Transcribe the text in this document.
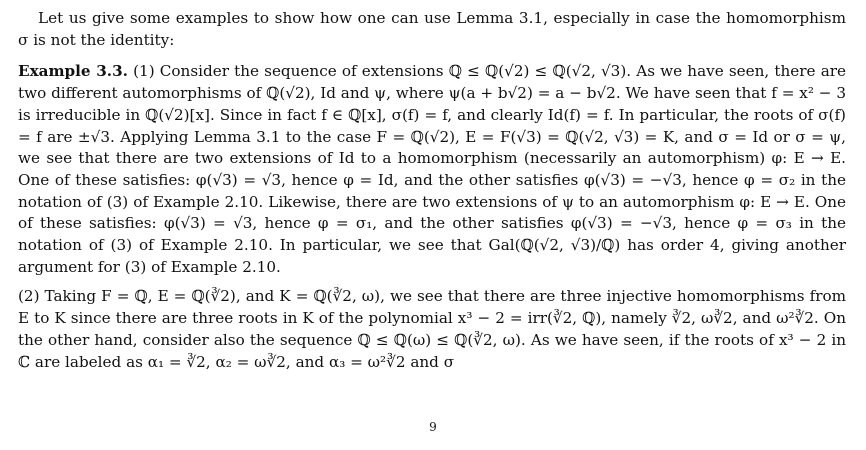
Let us give some examples to show how one can use Lemma 3.1, especially in case the homomorphism σ is not the identity:

Example 3.3. (1) Consider the sequence of extensions ℚ ≤ ℚ(√2) ≤ ℚ(√2, √3). As we have seen, there are two different automorphisms of ℚ(√2), Id and ψ, where ψ(a + b√2) = a − b√2. We have seen that f = x² − 3 is irreducible in ℚ(√2)[x]. Since in fact f ∈ ℚ[x], σ(f) = f, and clearly Id(f) = f. In particular, the roots of σ(f) = f are ±√3. Applying Lemma 3.1 to the case F = ℚ(√2), E = F(√3) = ℚ(√2, √3) = K, and σ = Id or σ = ψ, we see that there are two extensions of Id to a homomorphism (necessarily an automorphism) φ: E → E. One of these satisfies: φ(√3) = √3, hence φ = Id, and the other satisfies φ(√3) = −√3, hence φ = σ₂ in the notation of (3) of Example 2.10. Likewise, there are two extensions of ψ to an automorphism φ: E → E. One of these satisfies: φ(√3) = √3, hence φ = σ₁, and the other satisfies φ(√3) = −√3, hence φ = σ₃ in the notation of (3) of Example 2.10. In particular, we see that Gal(ℚ(√2, √3)/ℚ) has order 4, giving another argument for (3) of Example 2.10.

(2) Taking F = ℚ, E = ℚ(∛2), and K = ℚ(∛2, ω), we see that there are three injective homomorphisms from E to K since there are three roots in K of the polynomial x³ − 2 = irr(∛2, ℚ), namely ∛2, ω∛2, and ω²∛2. On the other hand, consider also the sequence ℚ ≤ ℚ(ω) ≤ ℚ(∛2, ω). As we have seen, if the roots of x³ − 2 in ℂ are labeled as α₁ = ∛2, α₂ = ω∛2, and α₃ = ω²∛2 and σ

9
